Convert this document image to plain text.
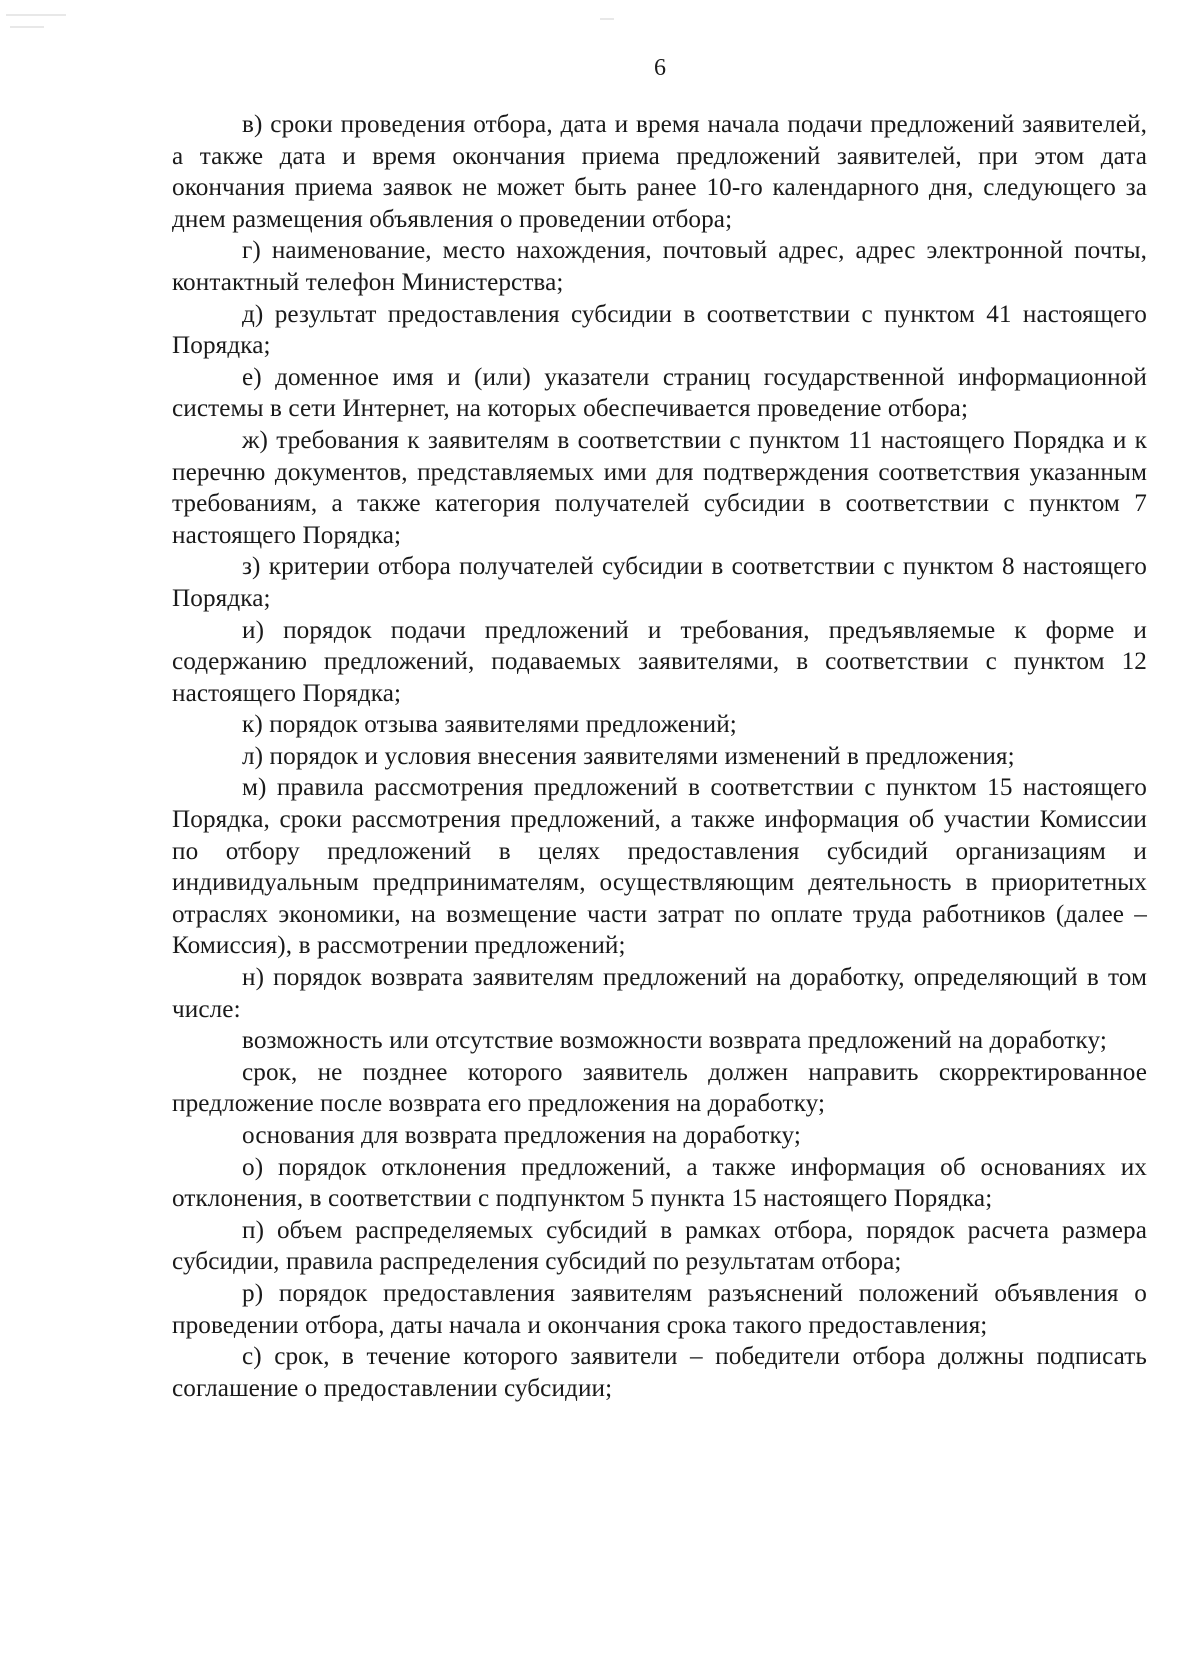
6

в) сроки проведения отбора, дата и время начала подачи предложений заявителей, а также дата и время окончания приема предложений заявителей, при этом дата окончания приема заявок не может быть ранее 10-го календарного дня, следующего за днем размещения объявления о проведении отбора;

г) наименование, место нахождения, почтовый адрес, адрес электронной почты, контактный телефон Министерства;

д) результат предоставления субсидии в соответствии с пунктом 41 настоящего Порядка;

е) доменное имя и (или) указатели страниц государственной информационной системы в сети Интернет, на которых обеспечивается проведение отбора;

ж) требования к заявителям в соответствии с пунктом 11 настоящего Порядка и к перечню документов, представляемых ими для подтверждения соответствия указанным требованиям, а также категория получателей субсидии в соответствии с пунктом 7 настоящего Порядка;

з) критерии отбора получателей субсидии в соответствии с пунктом 8 настоящего Порядка;

и) порядок подачи предложений и требования, предъявляемые к форме и содержанию предложений, подаваемых заявителями, в соответствии с пунктом 12 настоящего Порядка;

к) порядок отзыва заявителями предложений;

л) порядок и условия внесения заявителями изменений в предложения;

м) правила рассмотрения предложений в соответствии с пунктом 15 настоящего Порядка, сроки рассмотрения предложений, а также информация об участии Комиссии по отбору предложений в целях предоставления субсидий организациям и индивидуальным предпринимателям, осуществляющим деятельность в приоритетных отраслях экономики, на возмещение части затрат по оплате труда работников (далее – Комиссия), в рассмотрении предложений;

н) порядок возврата заявителям предложений на доработку, определяющий в том числе:

возможность или отсутствие возможности возврата предложений на доработку;

срок, не позднее которого заявитель должен направить скорректированное предложение после возврата его предложения на доработку;

основания для возврата предложения на доработку;

о) порядок отклонения предложений, а также информация об основаниях их отклонения, в соответствии с подпунктом 5 пункта 15 настоящего Порядка;

п) объем распределяемых субсидий в рамках отбора, порядок расчета размера субсидии, правила распределения субсидий по результатам отбора;

р) порядок предоставления заявителям разъяснений положений объявления о проведении отбора, даты начала и окончания срока такого предоставления;

с) срок, в течение которого заявители – победители отбора должны подписать соглашение о предоставлении субсидии;
